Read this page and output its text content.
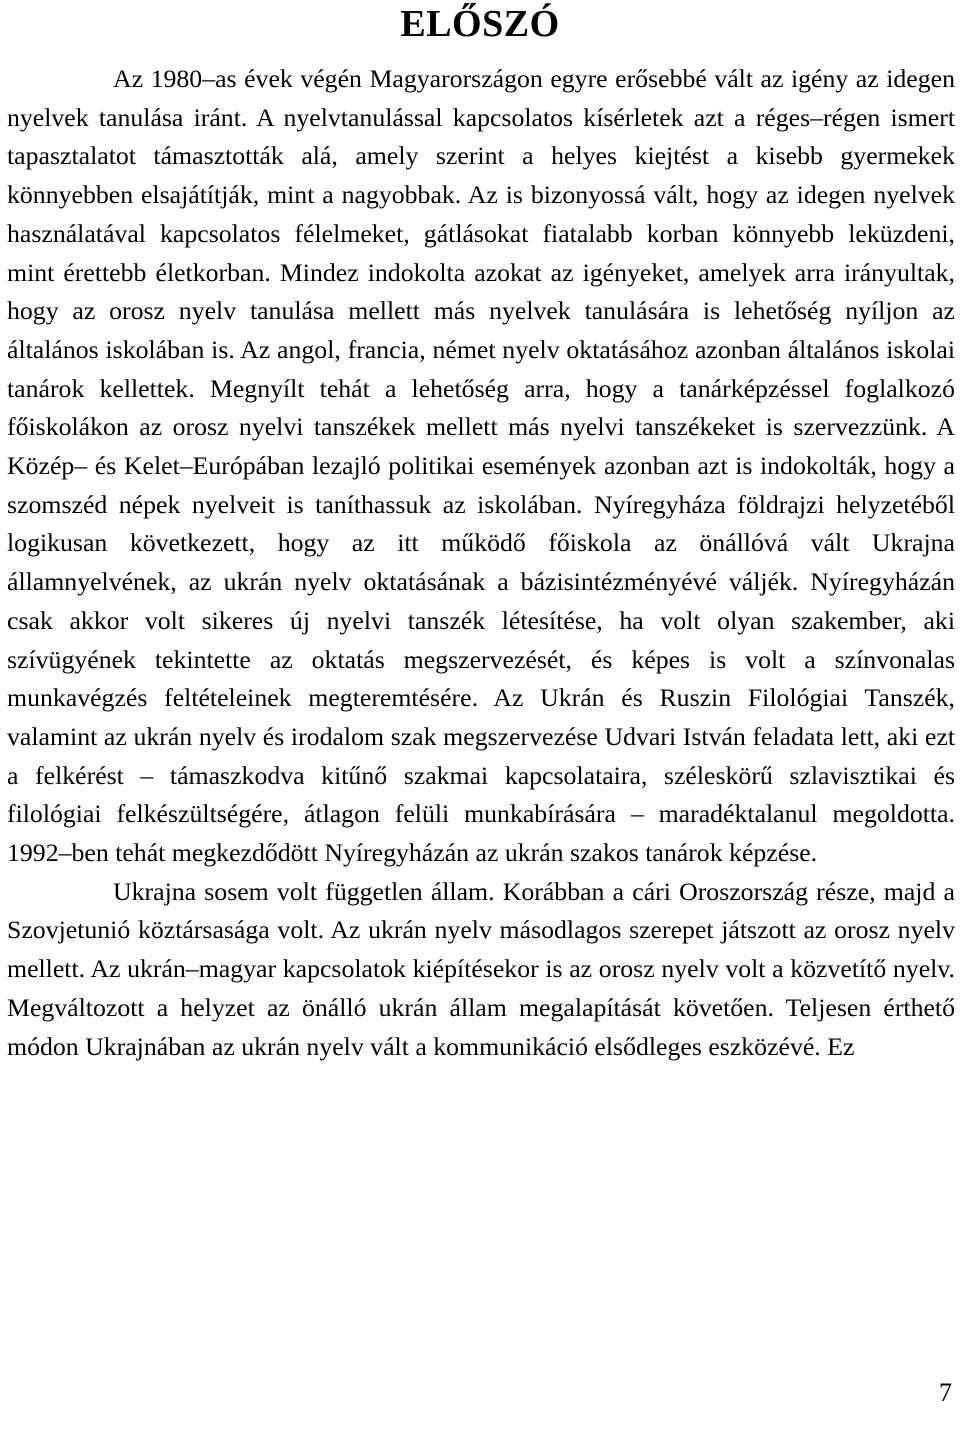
ELŐSZÓ

Az 1980–as évek végén Magyarországon egyre erősebbé vált az igény az idegen nyelvek tanulása iránt. A nyelvtanulással kapcsolatos kísérletek azt a réges–régen ismert tapasztalatot támasztották alá, amely szerint a helyes kiejtést a kisebb gyermekek könnyebben elsajátítják, mint a nagyobbak. Az is bizonyossá vált, hogy az idegen nyelvek használatával kapcsolatos félelmeket, gátlásokat fiatalabb korban könnyebb leküzdeni, mint érettebb életkorban. Mindez indokolta azokat az igényeket, amelyek arra irányultak, hogy az orosz nyelv tanulása mellett más nyelvek tanulására is lehetőség nyíljon az általános iskolában is. Az angol, francia, német nyelv oktatásához azonban általános iskolai tanárok kellettek. Megnyílt tehát a lehetőség arra, hogy a tanárképzéssel foglalkozó főiskolákon az orosz nyelvi tanszékek mellett más nyelvi tanszékeket is szervezzünk. A Közép– és Kelet–Európában lezajló politikai események azonban azt is indokolták, hogy a szomszéd népek nyelveit is taníthassuk az iskolában. Nyíregyháza földrajzi helyzetéből logikusan következett, hogy az itt működő főiskola az önállóvá vált Ukrajna államnyelvének, az ukrán nyelv oktatásának a bázisintézményévé váljék. Nyíregyházán csak akkor volt sikeres új nyelvi tanszék létesítése, ha volt olyan szakember, aki szívügyének tekintette az oktatás megszervezését, és képes is volt a színvonalas munkavégzés feltételeinek megteremtésére. Az Ukrán és Ruszin Filológiai Tanszék, valamint az ukrán nyelv és irodalom szak megszervezése Udvari István feladata lett, aki ezt a felkérést – támaszkodva kitűnő szakmai kapcsolataira, széleskörű szlavisztikai és filológiai felkészültségére, átlagon felüli munkabírására – maradéktalanul megoldotta. 1992–ben tehát megkezdődött Nyíregyházán az ukrán szakos tanárok képzése.

Ukrajna sosem volt független állam. Korábban a cári Oroszország része, majd a Szovjetunió köztársasága volt. Az ukrán nyelv másodlagos szerepet játszott az orosz nyelv mellett. Az ukrán–magyar kapcsolatok kiépítésekor is az orosz nyelv volt a közvetítő nyelv. Megváltozott a helyzet az önálló ukrán állam megalapítását követően. Teljesen érthető módon Ukrajnában az ukrán nyelv vált a kommunikáció elsődleges eszközévé. Ez

7
